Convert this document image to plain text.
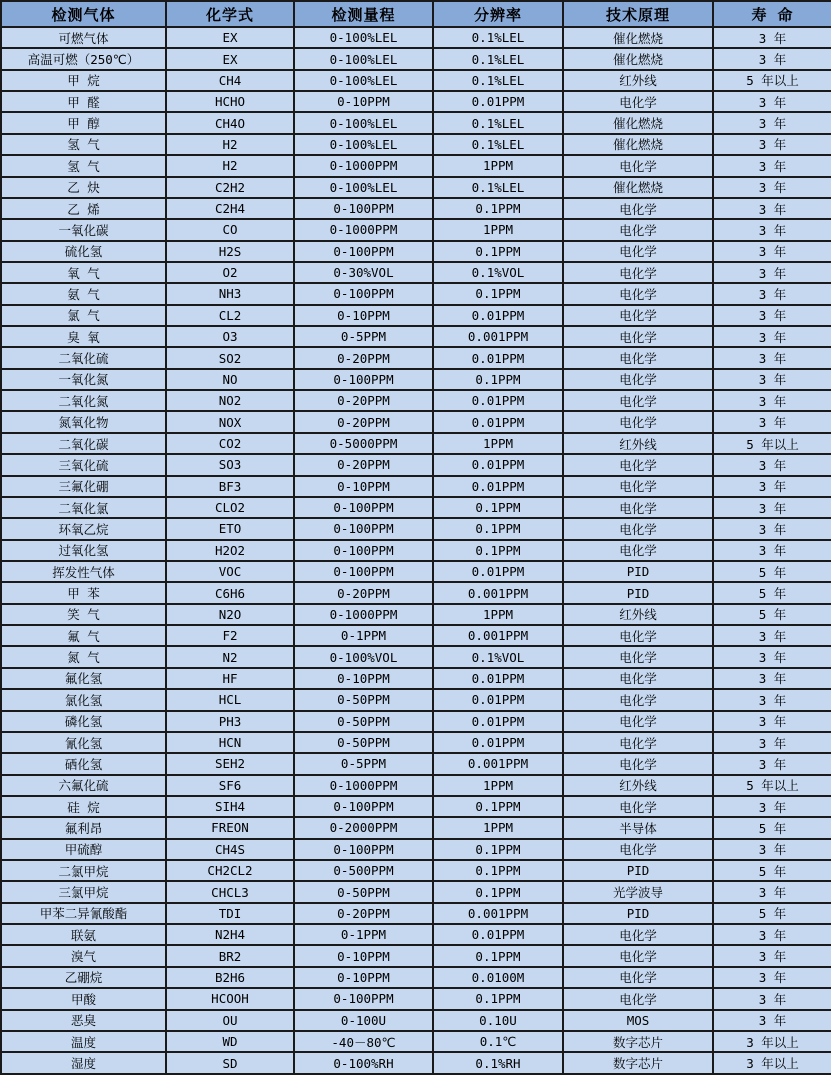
检测气体	化学式	检测量程	分辨率	技术原理	寿 命
可燃气体	EX	0-100%LEL	0.1%LEL	催化燃烧	3 年
高温可燃（250℃）	EX	0-100%LEL	0.1%LEL	催化燃烧	3 年
甲 烷	CH4	0-100%LEL	0.1%LEL	红外线	5 年以上
甲 醛	HCHO	0-10PPM	0.01PPM	电化学	3 年
甲 醇	CH4O	0-100%LEL	0.1%LEL	催化燃烧	3 年
氢 气	H2	0-100%LEL	0.1%LEL	催化燃烧	3 年
氢 气	H2	0-1000PPM	1PPM	电化学	3 年
乙 炔	C2H2	0-100%LEL	0.1%LEL	催化燃烧	3 年
乙 烯	C2H4	0-100PPM	0.1PPM	电化学	3 年
一氧化碳	CO	0-1000PPM	1PPM	电化学	3 年
硫化氢	H2S	0-100PPM	0.1PPM	电化学	3 年
氧 气	O2	0-30%VOL	0.1%VOL	电化学	3 年
氨 气	NH3	0-100PPM	0.1PPM	电化学	3 年
氯 气	CL2	0-10PPM	0.01PPM	电化学	3 年
臭 氧	O3	0-5PPM	0.001PPM	电化学	3 年
二氧化硫	SO2	0-20PPM	0.01PPM	电化学	3 年
一氧化氮	NO	0-100PPM	0.1PPM	电化学	3 年
二氧化氮	NO2	0-20PPM	0.01PPM	电化学	3 年
氮氧化物	NOX	0-20PPM	0.01PPM	电化学	3 年
二氧化碳	CO2	0-5000PPM	1PPM	红外线	5 年以上
三氧化硫	SO3	0-20PPM	0.01PPM	电化学	3 年
三氟化硼	BF3	0-10PPM	0.01PPM	电化学	3 年
二氧化氯	CLO2	0-100PPM	0.1PPM	电化学	3 年
环氧乙烷	ETO	0-100PPM	0.1PPM	电化学	3 年
过氧化氢	H2O2	0-100PPM	0.1PPM	电化学	3 年
挥发性气体	VOC	0-100PPM	0.01PPM	PID	5 年
甲 苯	C6H6	0-20PPM	0.001PPM	PID	5 年
笑 气	N2O	0-1000PPM	1PPM	红外线	5 年
氟 气	F2	0-1PPM	0.001PPM	电化学	3 年
氮 气	N2	0-100%VOL	0.1%VOL	电化学	3 年
氟化氢	HF	0-10PPM	0.01PPM	电化学	3 年
氯化氢	HCL	0-50PPM	0.01PPM	电化学	3 年
磷化氢	PH3	0-50PPM	0.01PPM	电化学	3 年
氰化氢	HCN	0-50PPM	0.01PPM	电化学	3 年
硒化氢	SEH2	0-5PPM	0.001PPM	电化学	3 年
六氟化硫	SF6	0-1000PPM	1PPM	红外线	5 年以上
硅 烷	SIH4	0-100PPM	0.1PPM	电化学	3 年
氟利昂	FREON	0-2000PPM	1PPM	半导体	5 年
甲硫醇	CH4S	0-100PPM	0.1PPM	电化学	3 年
二氯甲烷	CH2CL2	0-500PPM	0.1PPM	PID	5 年
三氯甲烷	CHCL3	0-50PPM	0.1PPM	光学波导	3 年
甲苯二异氰酸酯	TDI	0-20PPM	0.001PPM	PID	5 年
联氨	N2H4	0-1PPM	0.01PPM	电化学	3 年
溴气	BR2	0-10PPM	0.1PPM	电化学	3 年
乙硼烷	B2H6	0-10PPM	0.0100M	电化学	3 年
甲酸	HCOOH	0-100PPM	0.1PPM	电化学	3 年
恶臭	OU	0-100U	0.10U	MOS	3 年
温度	WD	-40－80℃	0.1℃	数字芯片	3 年以上
湿度	SD	0-100%RH	0.1%RH	数字芯片	3 年以上
